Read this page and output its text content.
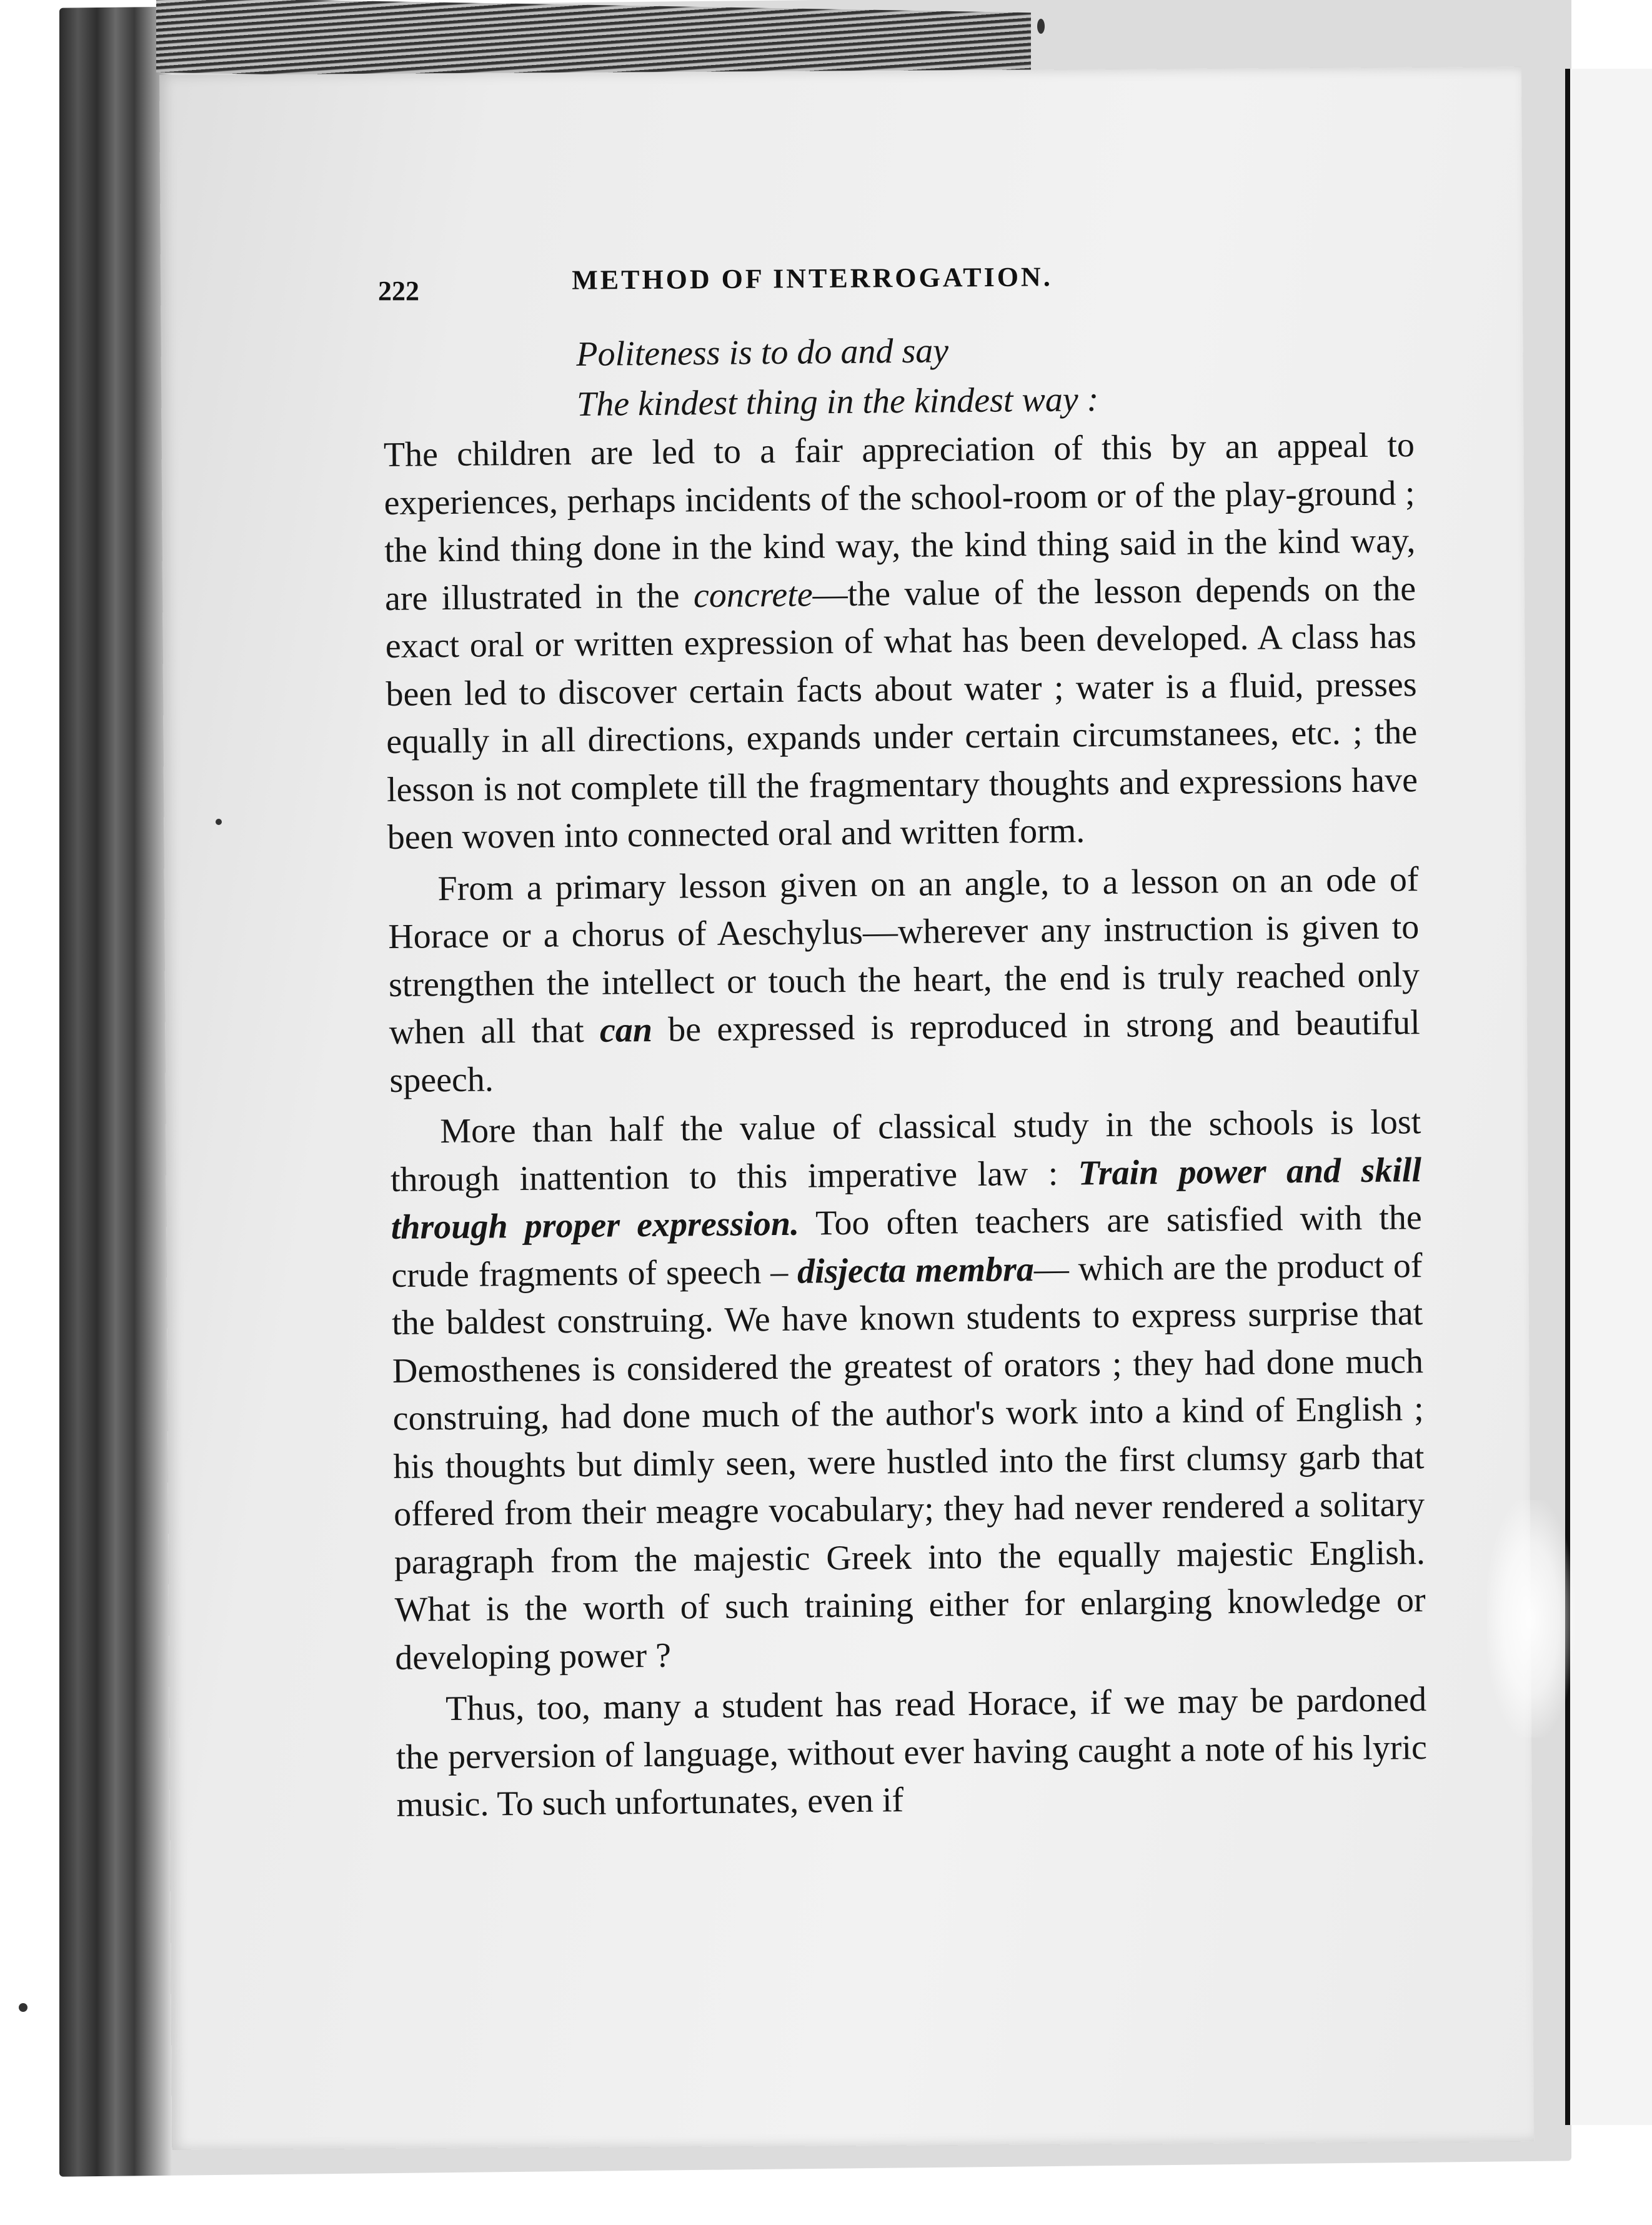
222	METHOD OF INTERROGATION.
Politeness is to do and say
The kindest thing in the kindest way :

The children are led to a fair appreciation of this by an appeal to experiences, perhaps incidents of the school-room or of the play-ground ; the kind thing done in the kind way, the kind thing said in the kind way, are illustrated in the concrete—the value of the lesson depends on the exact oral or written expression of what has been developed. A class has been led to discover certain facts about water ; water is a fluid, presses equally in all directions, expands under certain circumstanees, etc. ; the lesson is not complete till the fragmentary thoughts and expressions have been woven into connected oral and written form.

From a primary lesson given on an angle, to a lesson on an ode of Horace or a chorus of Aeschylus—wherever any instruction is given to strengthen the intellect or touch the heart, the end is truly reached only when all that can be expressed is reproduced in strong and beautiful speech.

More than half the value of classical study in the schools is lost through inattention to this imperative law : Train power and skill through proper expression. Too often teachers are satisfied with the crude fragments of speech – disjecta membra— which are the product of the baldest construing. We have known students to express surprise that Demosthenes is considered the greatest of orators ; they had done much construing, had done much of the author's work into a kind of English ; his thoughts but dimly seen, were hustled into the first clumsy garb that offered from their meagre vocabulary; they had never rendered a solitary paragraph from the majestic Greek into the equally majestic English. What is the worth of such training either for enlarging knowledge or developing power ?

Thus, too, many a student has read Horace, if we may be pardoned the perversion of language, without ever having caught a note of his lyric music. To such unfortunates, even if
